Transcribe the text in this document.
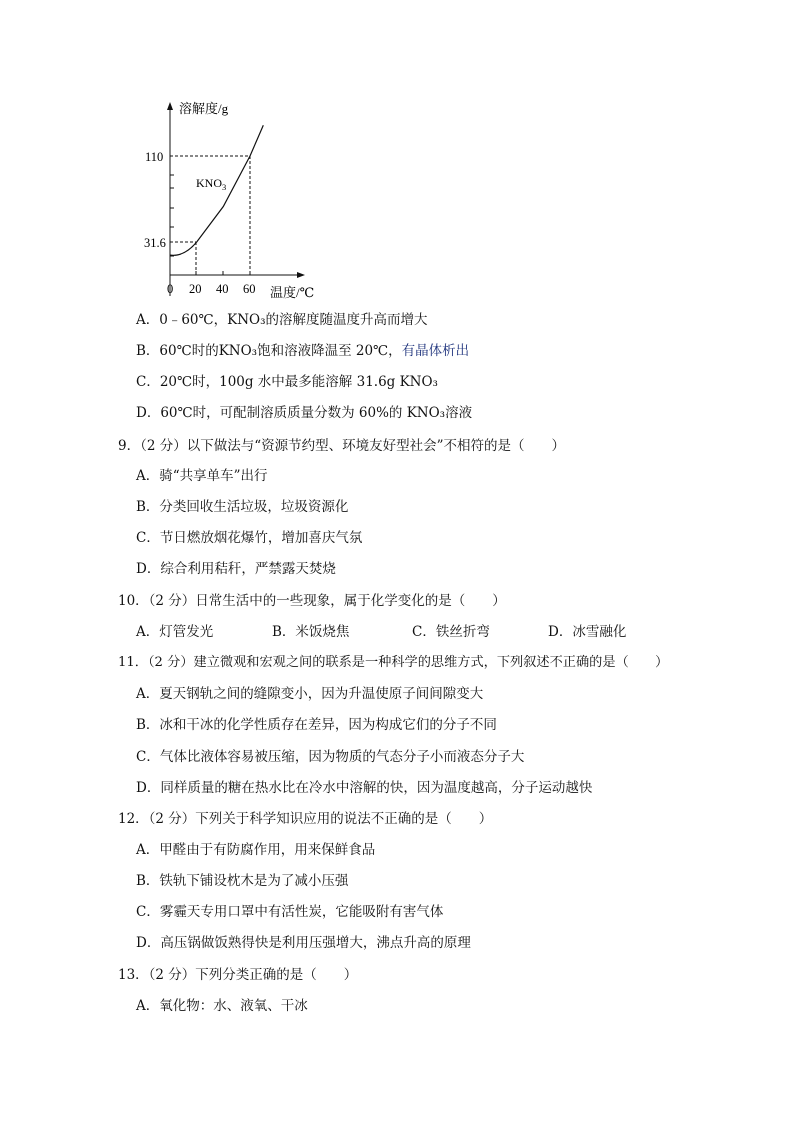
溶解度/g
温度/℃
110
31.6
0 20 40 60
$KNO_3$
A．0﹣60℃，KNO₃的溶解度随温度升高而增大
B．60℃时的KNO₃饱和溶液降温至 20℃，有晶体析出
C．20℃时，100g 水中最多能溶解 31.6g KNO₃
D．60℃时，可配制溶质质量分数为 60%的 KNO₃溶液
9．（2 分）以下做法与“资源节约型、环境友好型社会”不相符的是（　　）
A．骑“共享单车”出行
B．分类回收生活垃圾，垃圾资源化
C．节日燃放烟花爆竹，增加喜庆气氛
D．综合利用秸秆，严禁露天焚烧
10．（2 分）日常生活中的一些现象，属于化学变化的是（　　）
A．灯管发光	B．米饭烧焦	C．铁丝折弯	D．冰雪融化
11．（2 分）建立微观和宏观之间的联系是一种科学的思维方式，下列叙述不正确的是（　　）
A．夏天钢轨之间的缝隙变小，因为升温使原子间间隙变大
B．冰和干冰的化学性质存在差异，因为构成它们的分子不同
C．气体比液体容易被压缩，因为物质的气态分子小而液态分子大
D．同样质量的糖在热水比在冷水中溶解的快，因为温度越高，分子运动越快
12．（2 分）下列关于科学知识应用的说法不正确的是（　　）
A．甲醛由于有防腐作用，用来保鲜食品
B．铁轨下铺设枕木是为了减小压强
C．雾霾天专用口罩中有活性炭，它能吸附有害气体
D．高压锅做饭熟得快是利用压强增大，沸点升高的原理
13．（2 分）下列分类正确的是（　　）
A．氧化物：水、液氧、干冰
